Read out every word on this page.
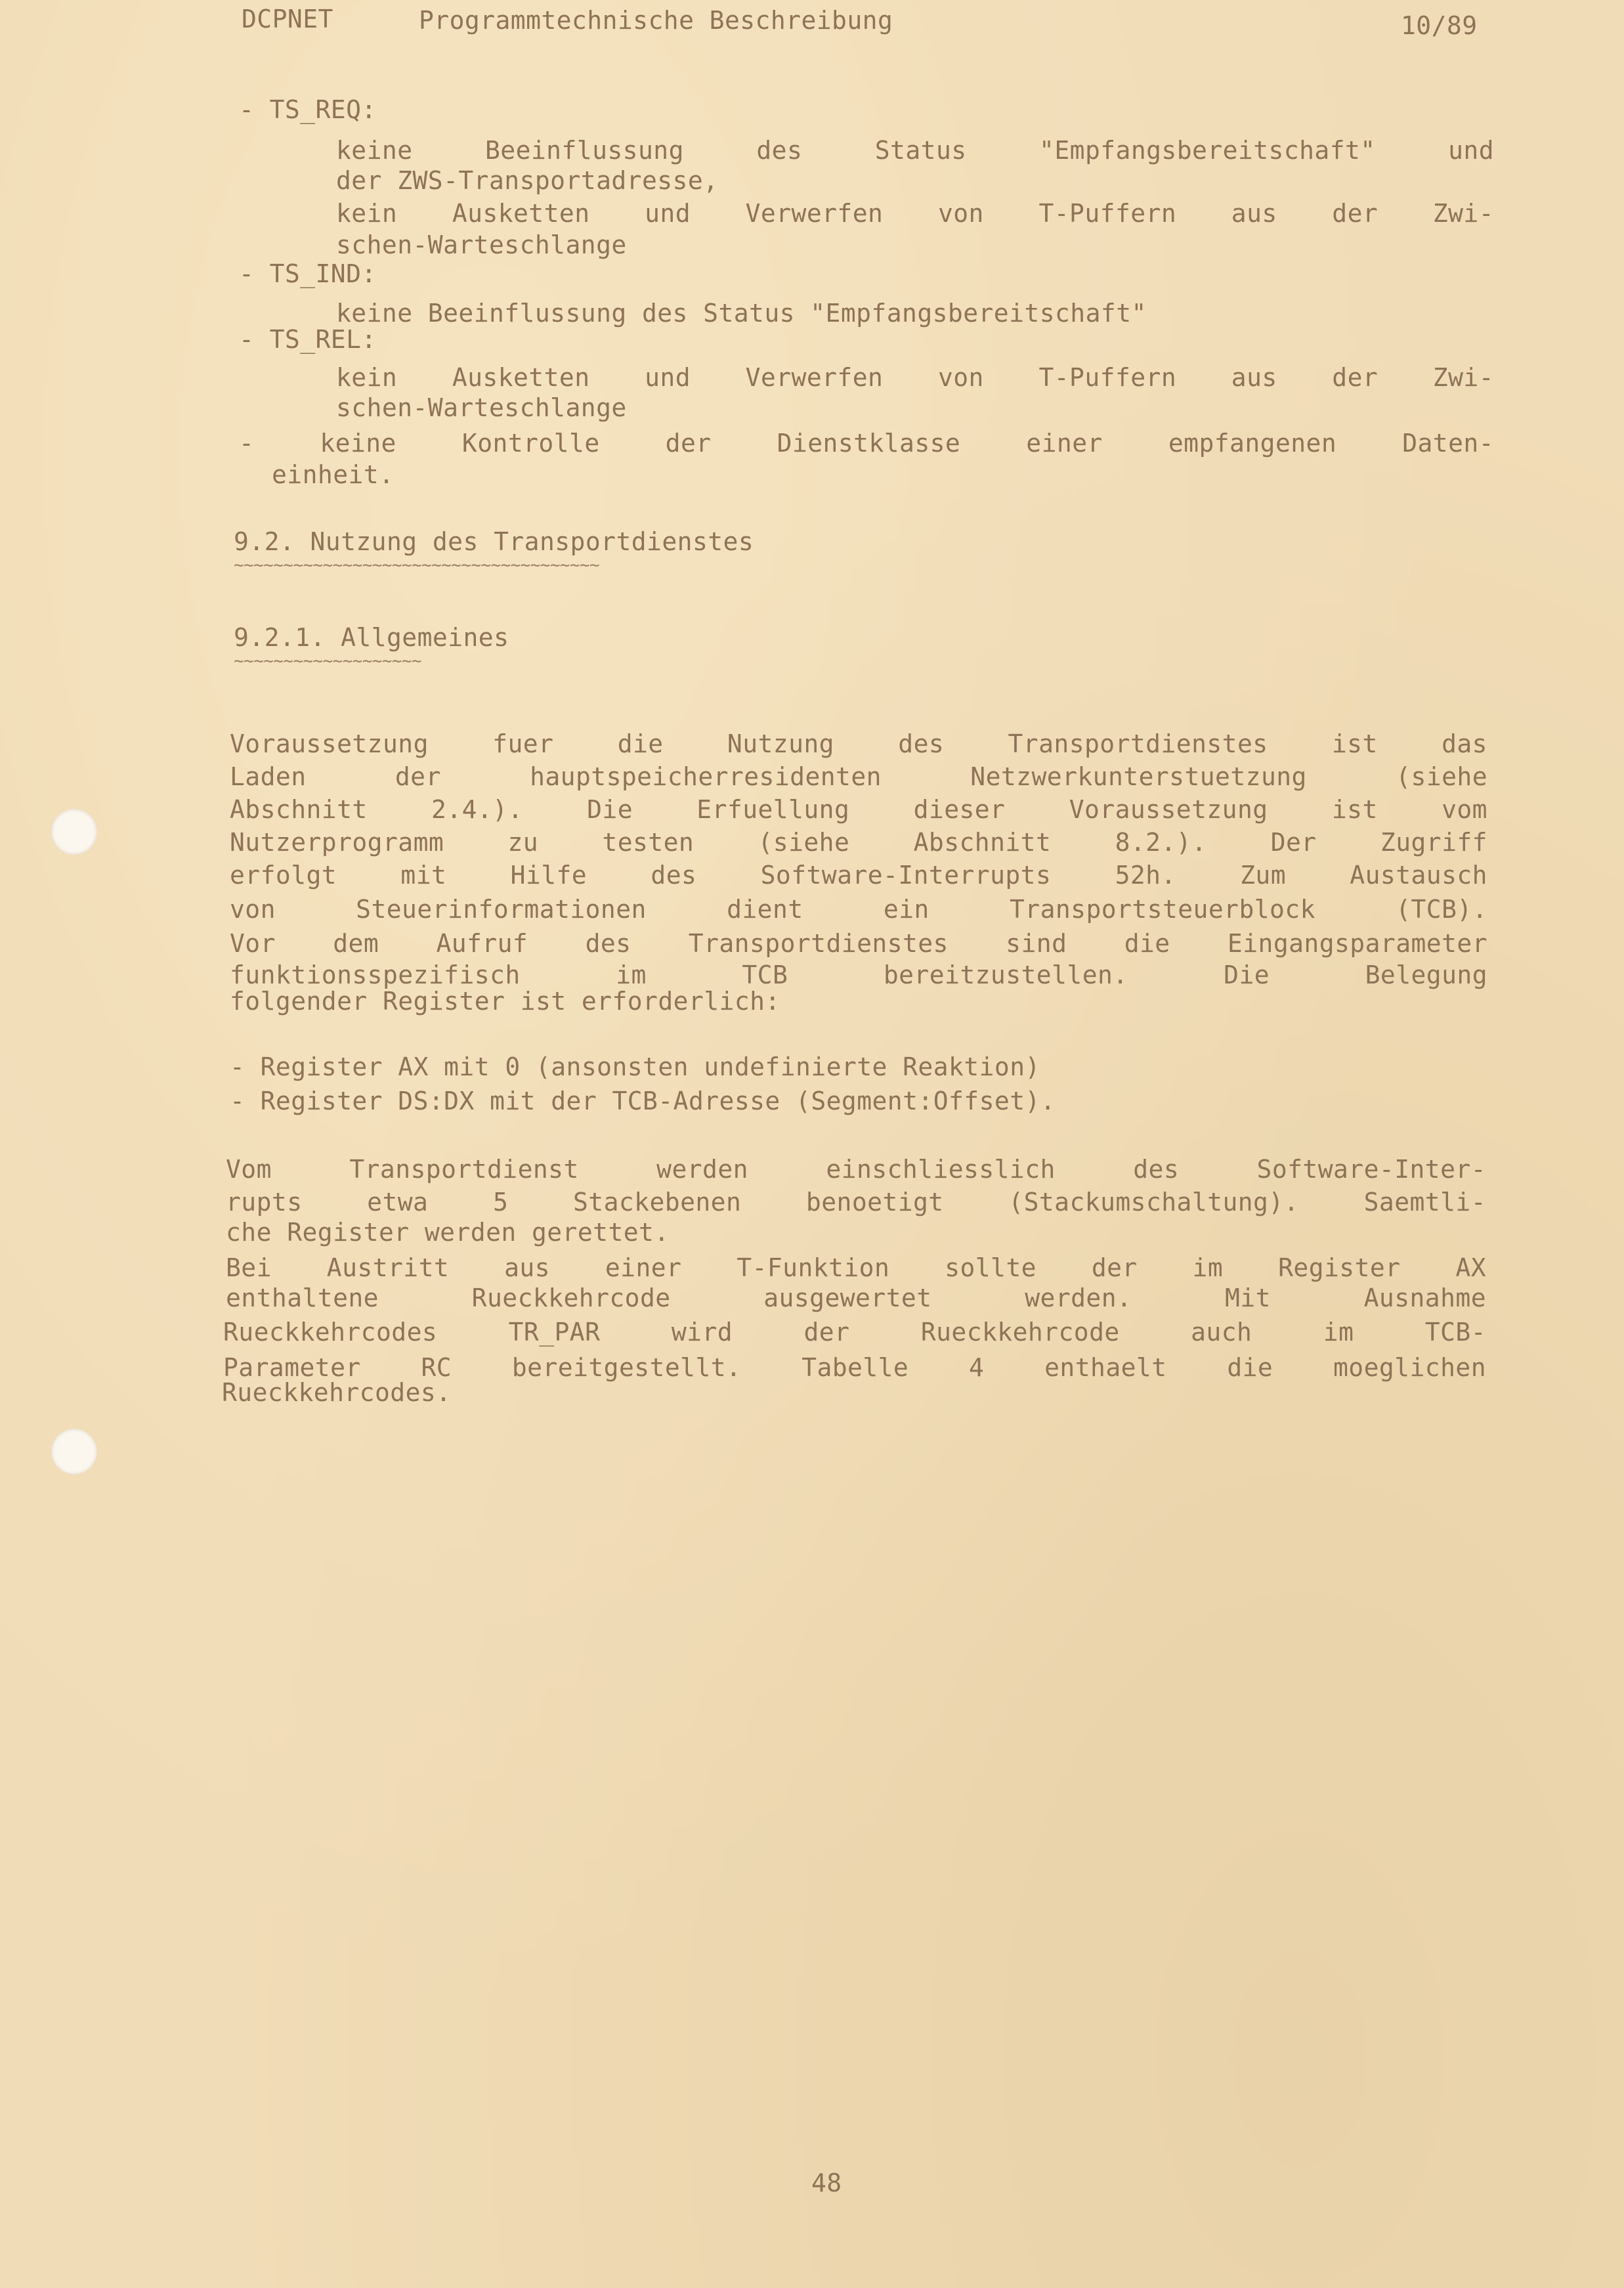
DCPNET	Programmtechnische Beschreibung	10/89
- TS_REQ:
keine Beeinflussung des Status "Empfangsbereitschaft" und
der ZWS-Transportadresse,
kein Ausketten und Verwerfen von T-Puffern aus der Zwi-
schen-Warteschlange
- TS_IND:
keine Beeinflussung des Status "Empfangsbereitschaft"
- TS_REL:
kein Ausketten und Verwerfen von T-Puffern aus der Zwi-
schen-Warteschlange
- keine Kontrolle der Dienstklasse einer empfangenen Daten-
einheit.
9.2. Nutzung des Transportdienstes
~~~~~~~~~~~~~~~~~~~~~~~~~~~~~~~~~~~~~
9.2.1. Allgemeines
~~~~~~~~~~~~~~~~~~~
Voraussetzung fuer die Nutzung des Transportdienstes ist das
Laden der hauptspeicherresidenten Netzwerkunterstuetzung (siehe
Abschnitt 2.4.). Die Erfuellung dieser Voraussetzung ist vom
Nutzerprogramm zu testen (siehe Abschnitt 8.2.). Der Zugriff
erfolgt mit Hilfe des Software-Interrupts 52h. Zum Austausch
von Steuerinformationen dient ein Transportsteuerblock (TCB).
Vor dem Aufruf des Transportdienstes sind die Eingangsparameter
funktionsspezifisch im TCB bereitzustellen. Die Belegung
folgender Register ist erforderlich:
- Register AX mit 0 (ansonsten undefinierte Reaktion)
- Register DS:DX mit der TCB-Adresse (Segment:Offset).
Vom Transportdienst werden einschliesslich des Software-Inter-
rupts etwa 5 Stackebenen benoetigt (Stackumschaltung). Saemtli-
che Register werden gerettet.
Bei Austritt aus einer T-Funktion sollte der im Register AX
enthaltene Rueckkehrcode ausgewertet werden. Mit Ausnahme
Rueckkehrcodes TR_PAR wird der Rueckkehrcode auch im TCB-
Parameter RC bereitgestellt. Tabelle 4 enthaelt die moeglichen
Rueckkehrcodes.
48
